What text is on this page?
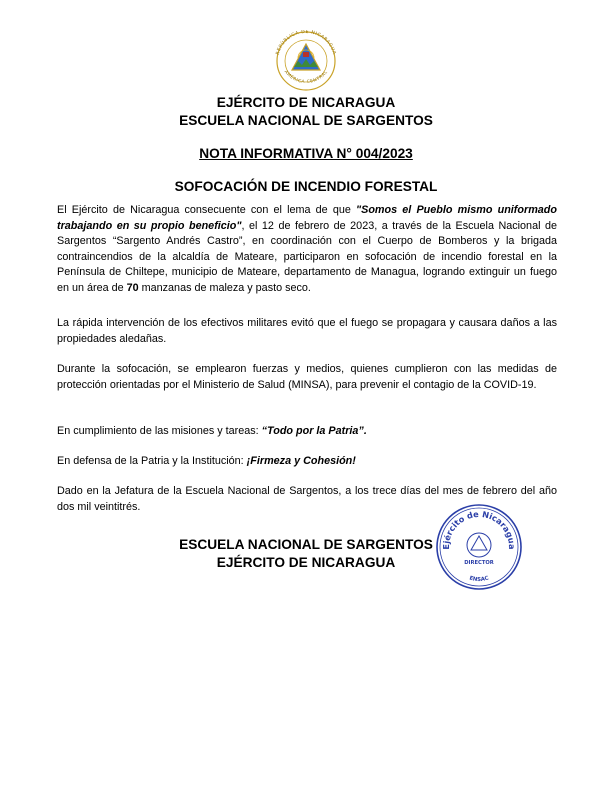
REPÚBLICA DE NICARAGUA
AMÉRICA CENTRAL
EJÉRCITO DE NICARAGUA
ESCUELA NACIONAL DE SARGENTOS
NOTA INFORMATIVA N° 004/2023
SOFOCACIÓN DE INCENDIO FORESTAL
El Ejército de Nicaragua consecuente con el lema de que "Somos el Pueblo mismo uniformado trabajando en su propio beneficio", el 12 de febrero de 2023, a través de la Escuela Nacional de Sargentos “Sargento Andrés Castro”, en coordinación con el Cuerpo de Bomberos y la brigada contraincendios de la alcaldía de Mateare, participaron en sofocación de incendio forestal en la Península de Chiltepe, municipio de Mateare, departamento de Managua, logrando extinguir un fuego en un área de 70 manzanas de maleza y pasto seco.
La rápida intervención de los efectivos militares evitó que el fuego se propagara y causara daños a las propiedades aledañas.
Durante la sofocación, se emplearon fuerzas y medios, quienes cumplieron con las medidas de protección orientadas por el Ministerio de Salud (MINSA), para prevenir el contagio de la COVID-19.
En cumplimiento de las misiones y tareas: “Todo por la Patria”.
En defensa de la Patria y la Institución: ¡Firmeza y Cohesión!
Dado en la Jefatura de la Escuela Nacional de Sargentos, a los trece días del mes de febrero del año dos mil veintitrés.
ESCUELA NACIONAL DE SARGENTOS
EJÉRCITO DE NICARAGUA
Ejército de Nicaragua
ENSAC
DIRECTOR
